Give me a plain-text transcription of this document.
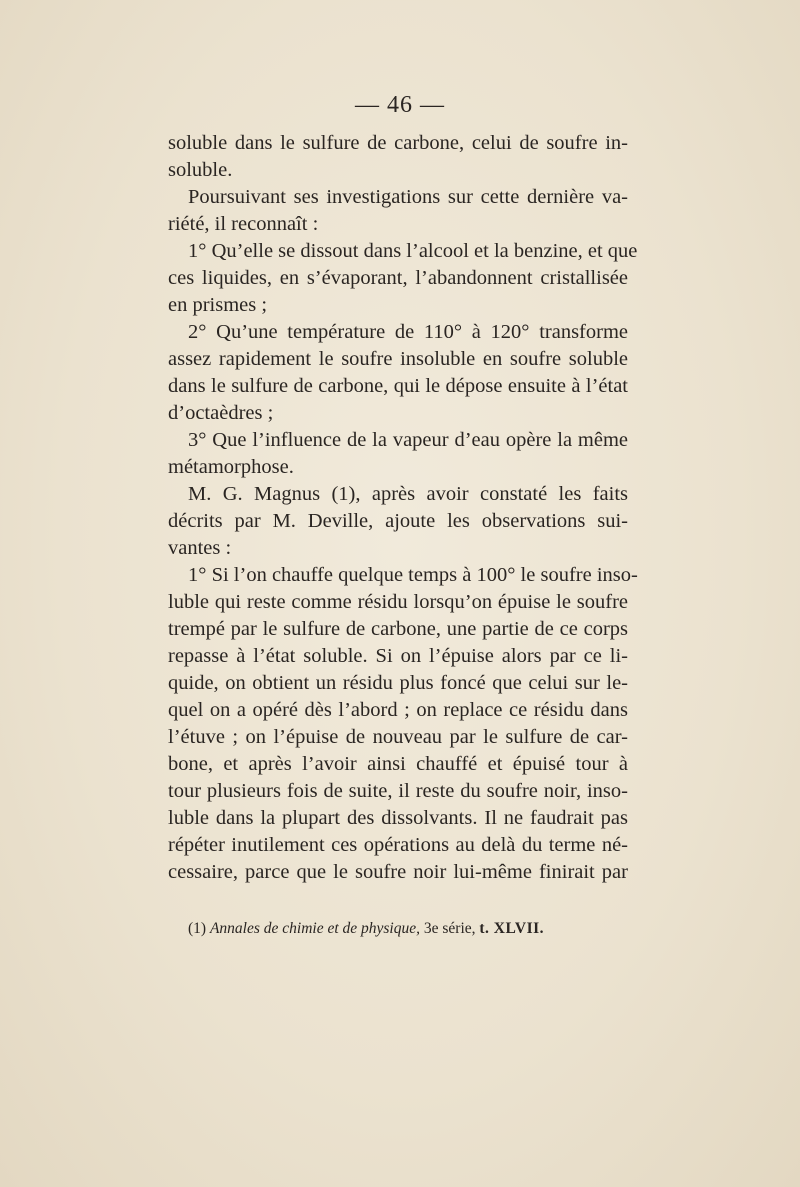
— 46 —
soluble dans le sulfure de carbone, celui de soufre in-
soluble.
Poursuivant ses investigations sur cette dernière va-
riété, il reconnaît :
1° Qu’elle se dissout dans l’alcool et la benzine, et que
ces liquides, en s’évaporant, l’abandonnent cristallisée
en prismes ;
2° Qu’une température de 110° à 120° transforme
assez rapidement le soufre insoluble en soufre soluble
dans le sulfure de carbone, qui le dépose ensuite à l’état
d’octaèdres ;
3° Que l’influence de la vapeur d’eau opère la même
métamorphose.
M. G. Magnus (1), après avoir constaté les faits
décrits par M. Deville, ajoute les observations sui-
vantes :
1° Si l’on chauffe quelque temps à 100° le soufre inso-
luble qui reste comme résidu lorsqu’on épuise le soufre
trempé par le sulfure de carbone, une partie de ce corps
repasse à l’état soluble. Si on l’épuise alors par ce li-
quide, on obtient un résidu plus foncé que celui sur le-
quel on a opéré dès l’abord ; on replace ce résidu dans
l’étuve ; on l’épuise de nouveau par le sulfure de car-
bone, et après l’avoir ainsi chauffé et épuisé tour à
tour plusieurs fois de suite, il reste du soufre noir, inso-
luble dans la plupart des dissolvants. Il ne faudrait pas
répéter inutilement ces opérations au delà du terme né-
cessaire, parce que le soufre noir lui-même finirait par
(1) Annales de chimie et de physique, 3e série, t. XLVII.
